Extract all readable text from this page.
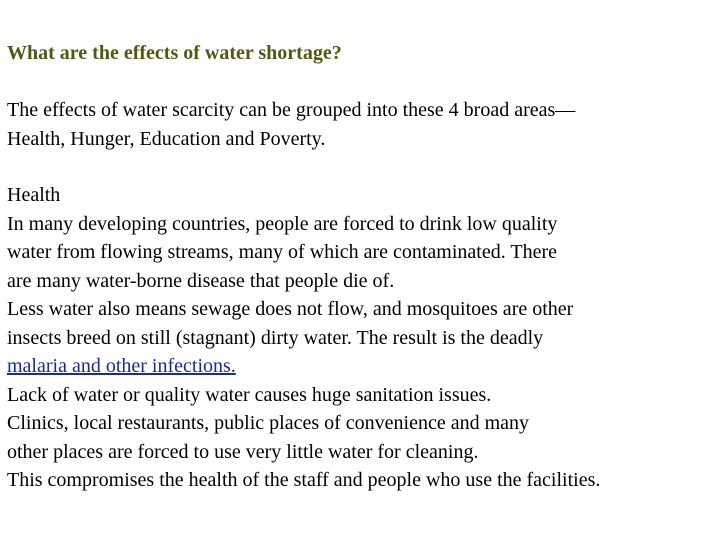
What are the effects of water shortage?
The effects of water scarcity can be grouped into these 4 broad areas—
Health, Hunger, Education and Poverty.
Health
In many developing countries, people are forced to drink low quality
water from flowing streams, many of which are contaminated. There
are many water-borne disease that people die of.
Less water also means sewage does not flow, and mosquitoes are other
insects breed on still (stagnant) dirty water. The result is the deadly
malaria and other infections.
Lack of water or quality water causes huge sanitation issues.
Clinics, local restaurants, public places of convenience and many
other places are forced to use very little water for cleaning.
This compromises the health of the staff and people who use the facilities.
